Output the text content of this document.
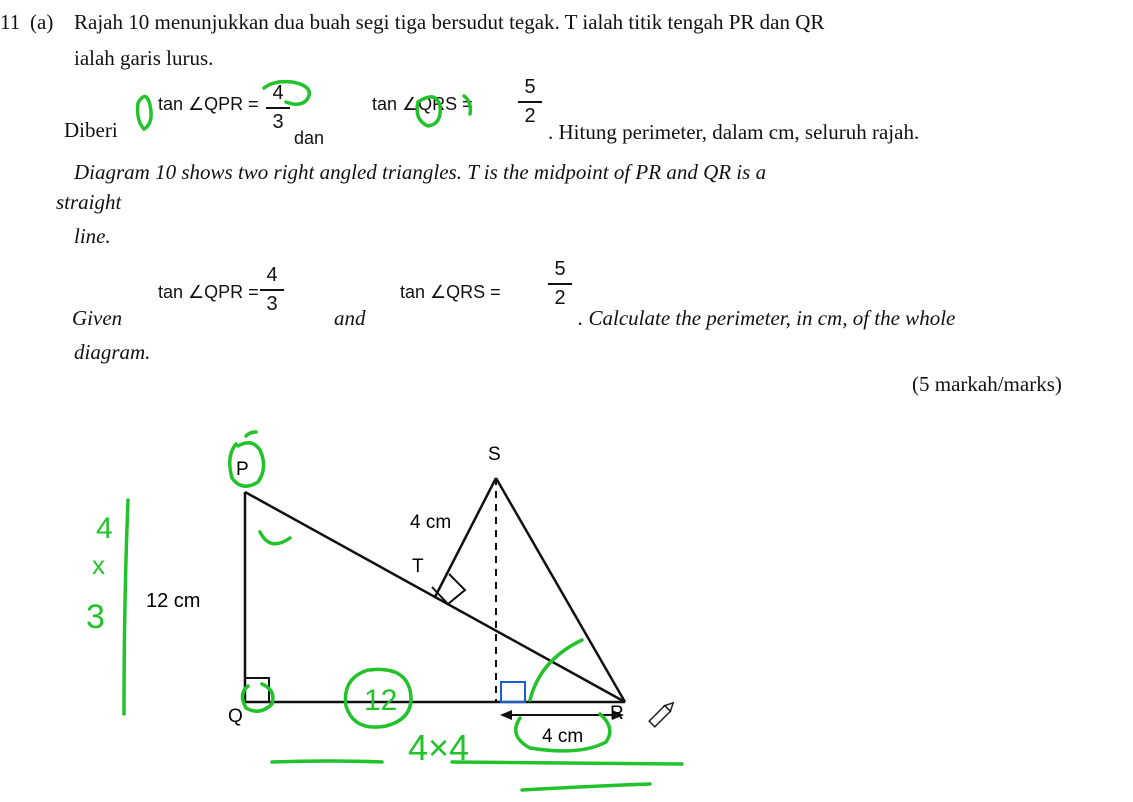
11 (a) Rajah 10 menunjukkan dua buah segi tiga bersudut tegak. T ialah titik tengah PR dan QR
ialah garis lurus.
Diberi
tan ∠QPR = 4
3
dan
tan ∠QRS =
5
2
. Hitung perimeter, dalam cm, seluruh rajah.
Diagram 10 shows two right angled triangles. T is the midpoint of PR and QR is a
straight
line.
Given
tan ∠QPR =
4
3
and
tan ∠QRS =
5
2
. Calculate the perimeter, in cm, of the whole
diagram.
(5 markah/marks)
P
Q	R
S
T
4 cm
12 cm
4 cm
4
x
3
12
4×4
